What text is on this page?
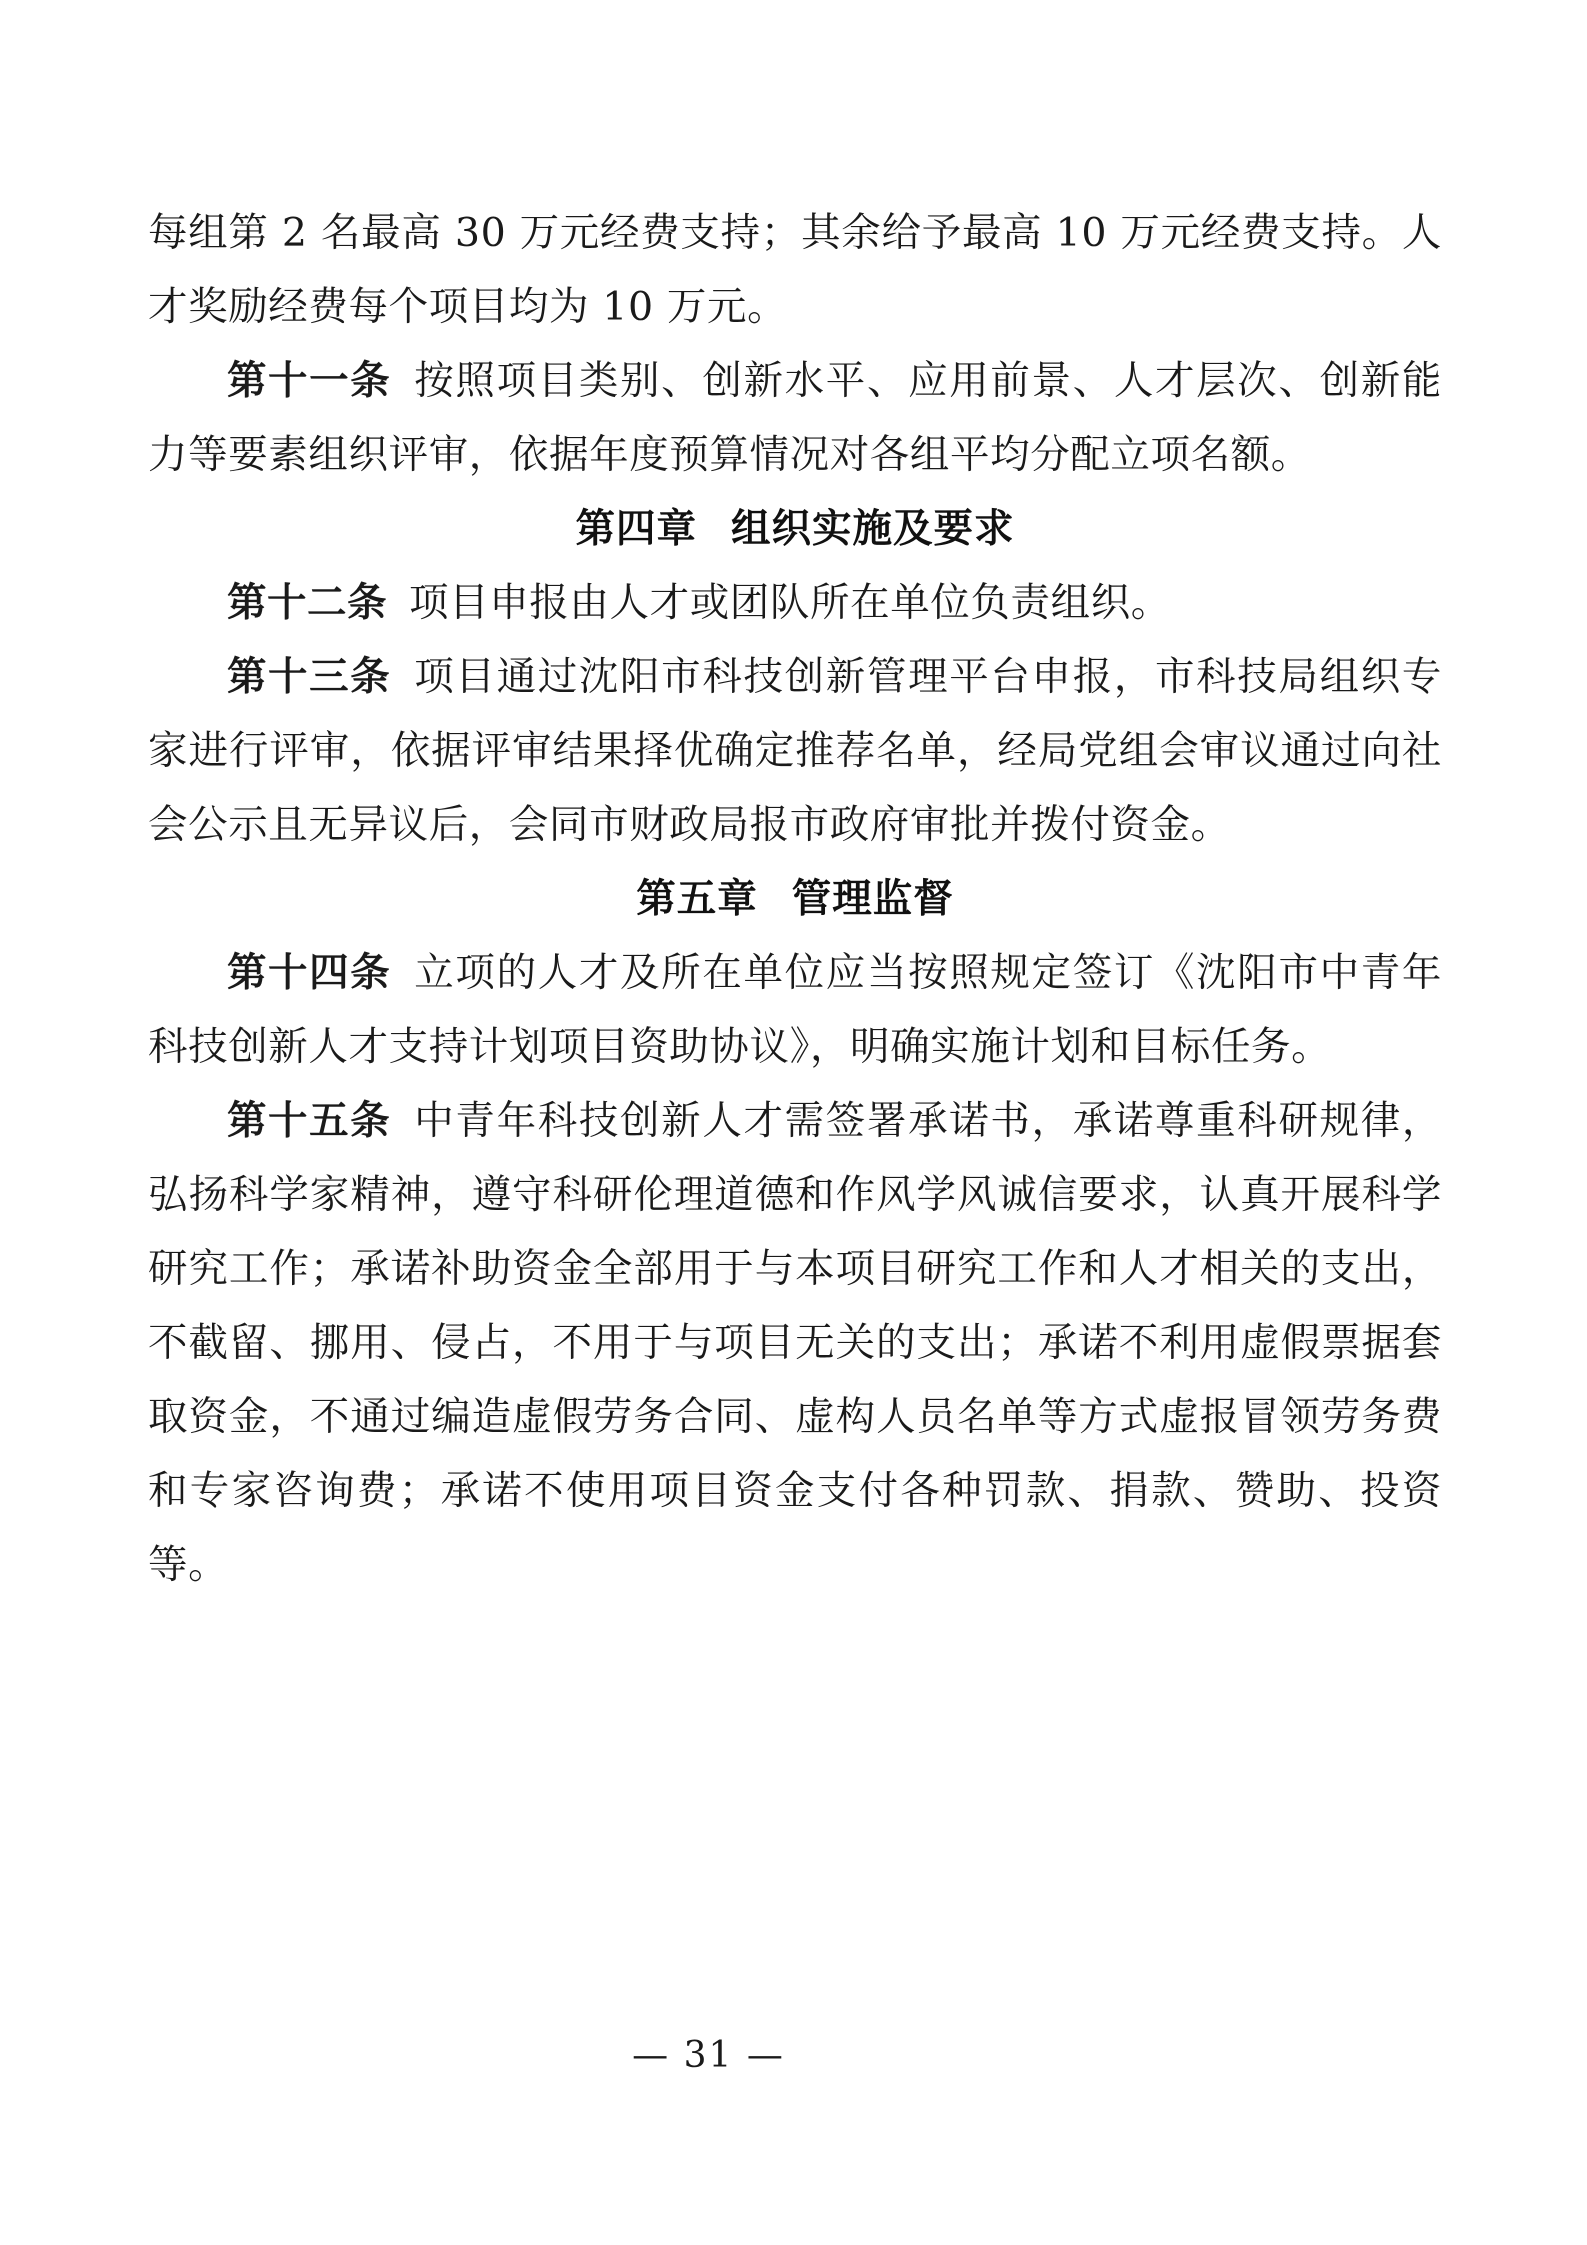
每组第 2 名最高 30 万元经费支持；其余给予最高 10 万元经费支持。人才奖励经费每个项目均为 10 万元。

第十一条 按照项目类别、创新水平、应用前景、人才层次、创新能力等要素组织评审，依据年度预算情况对各组平均分配立项名额。

第四章 组织实施及要求

第十二条 项目申报由人才或团队所在单位负责组织。

第十三条 项目通过沈阳市科技创新管理平台申报，市科技局组织专家进行评审，依据评审结果择优确定推荐名单，经局党组会审议通过向社会公示且无异议后，会同市财政局报市政府审批并拨付资金。

第五章 管理监督

第十四条 立项的人才及所在单位应当按照规定签订《沈阳市中青年科技创新人才支持计划项目资助协议》，明确实施计划和目标任务。

第十五条 中青年科技创新人才需签署承诺书，承诺尊重科研规律，弘扬科学家精神，遵守科研伦理道德和作风学风诚信要求，认真开展科学研究工作；承诺补助资金全部用于与本项目研究工作和人才相关的支出，不截留、挪用、侵占，不用于与项目无关的支出；承诺不利用虚假票据套取资金，不通过编造虚假劳务合同、虚构人员名单等方式虚报冒领劳务费和专家咨询费；承诺不使用项目资金支付各种罚款、捐款、赞助、投资等。

— 31 —
